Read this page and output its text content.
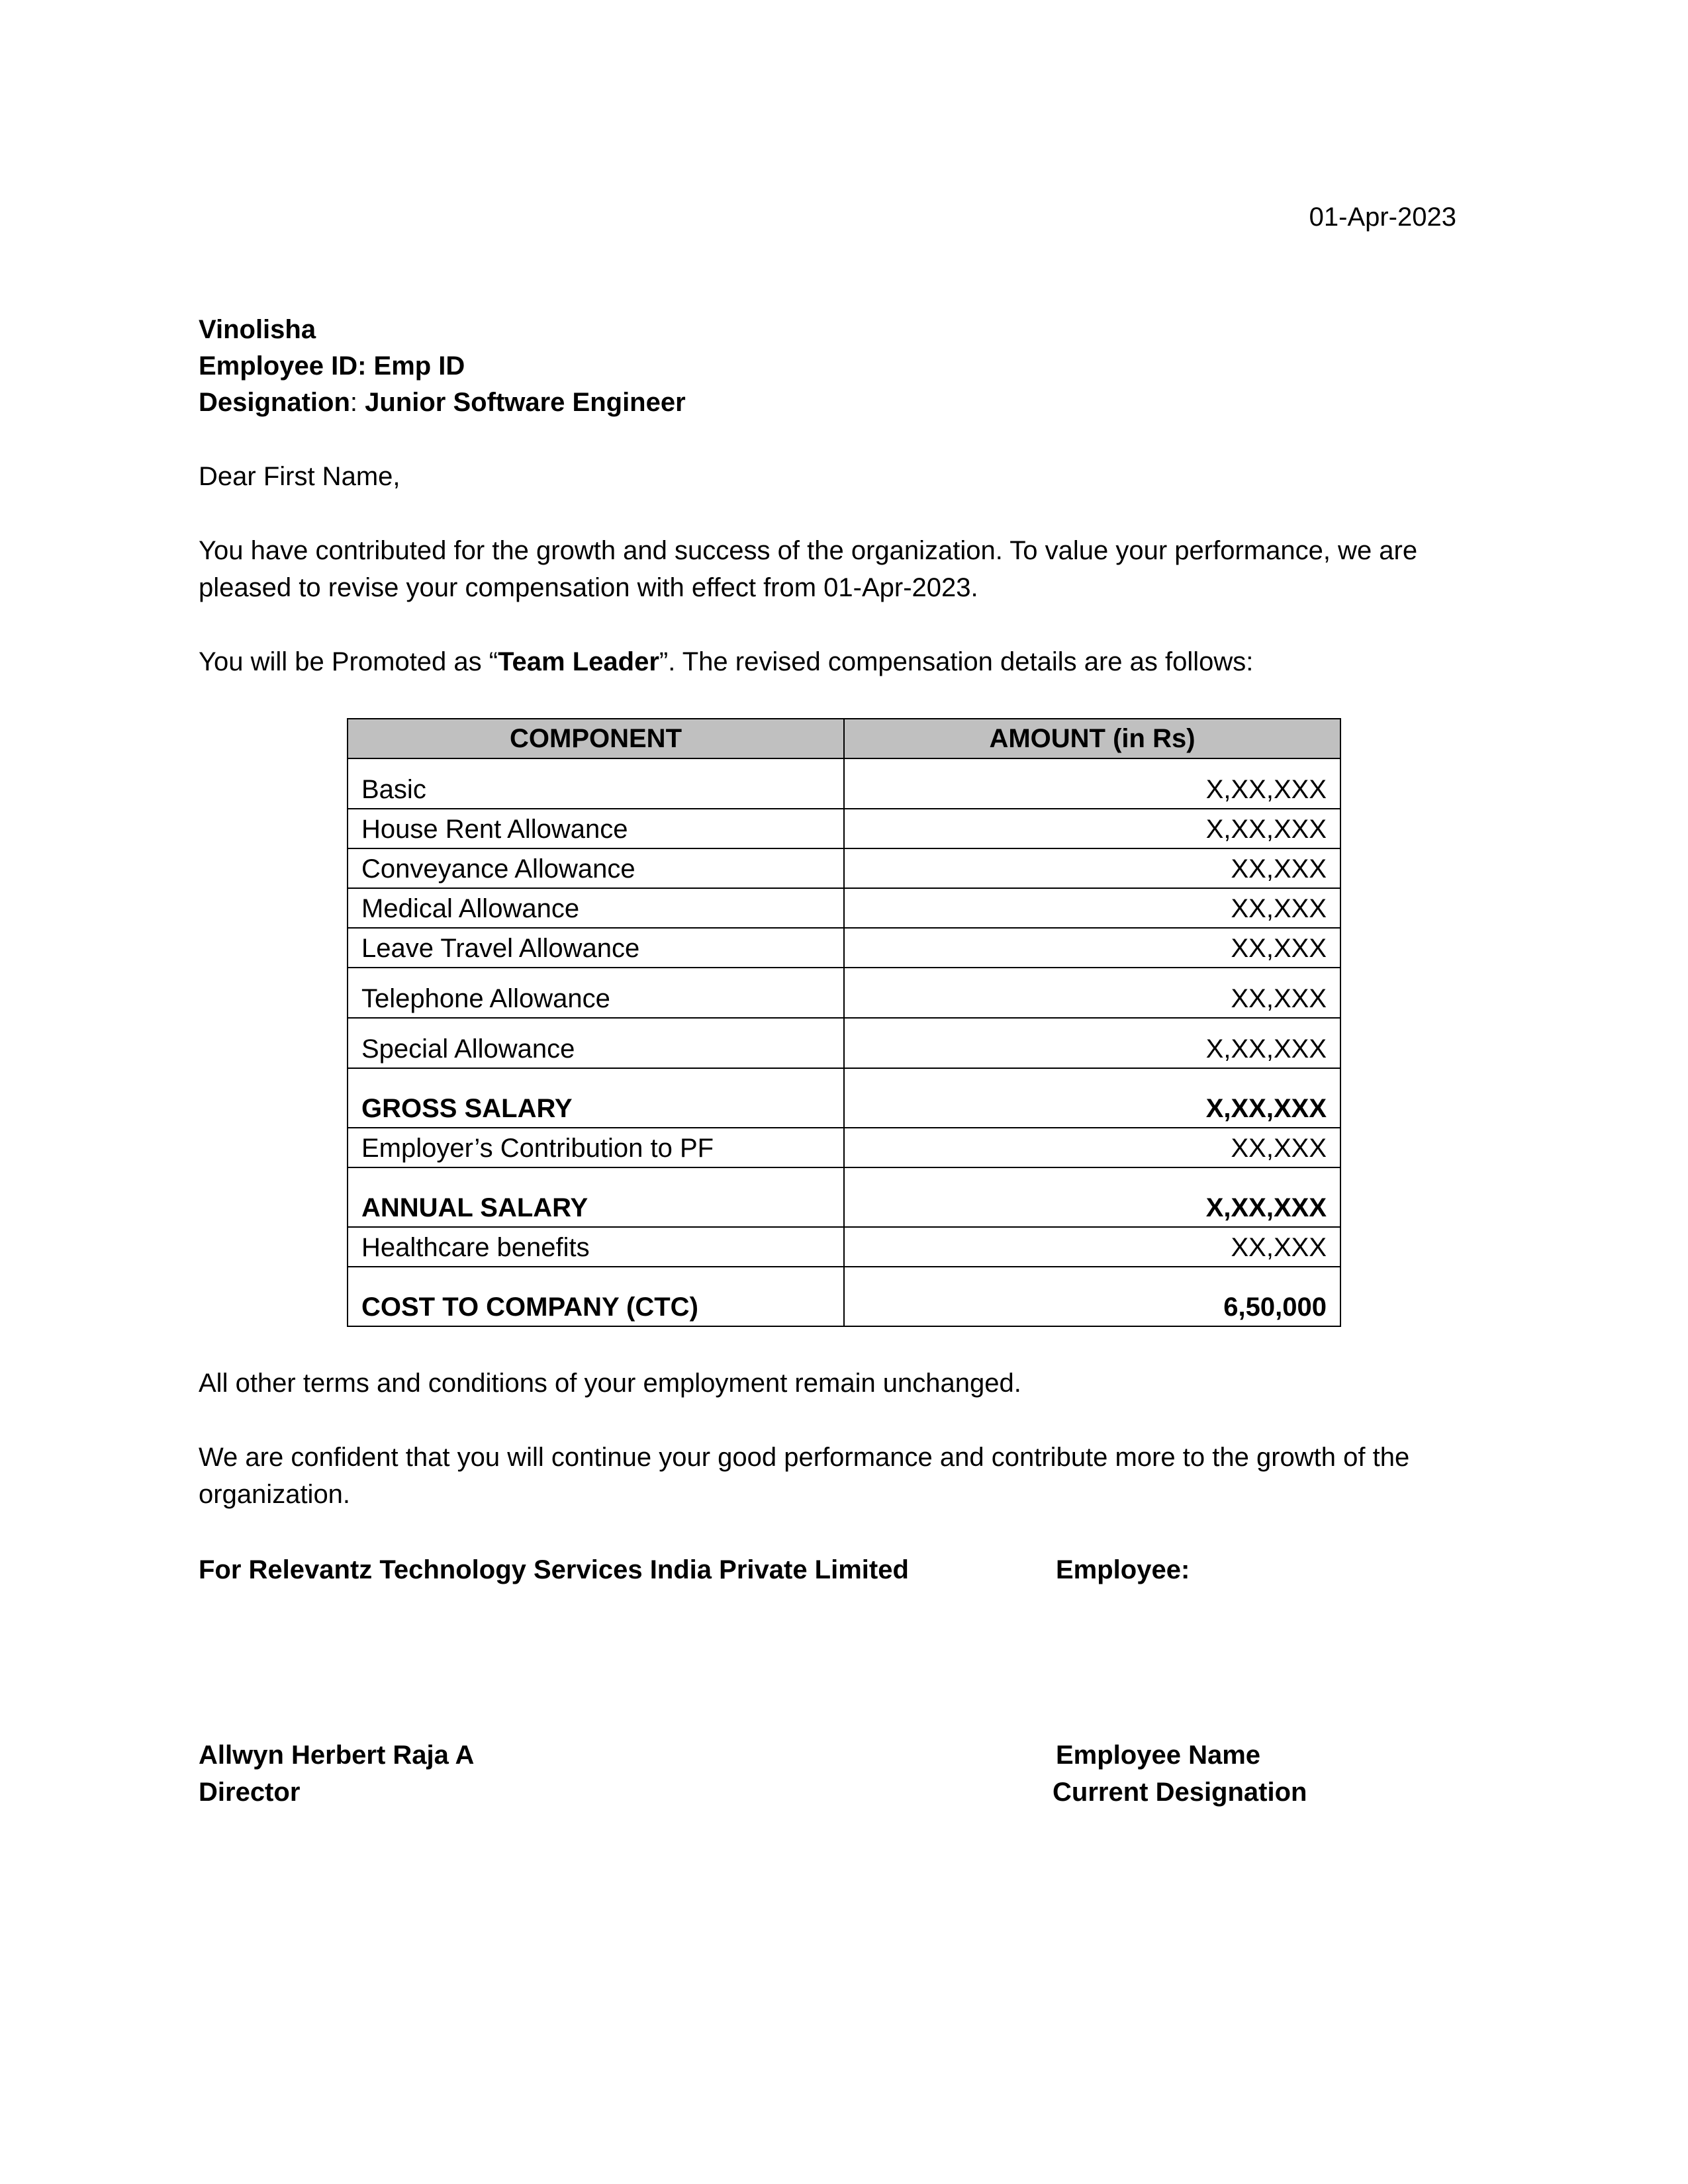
01-Apr-2023
Vinolisha
Employee ID: Emp ID
Designation: Junior Software Engineer
Dear First Name,
You have contributed for the growth and success of the organization. To value your performance, we are pleased to revise your compensation with effect from 01-Apr-2023.
You will be Promoted as “Team Leader”. The revised compensation details are as follows:
COMPONENT	AMOUNT (in Rs)
Basic	X,XX,XXX
House Rent Allowance	X,XX,XXX
Conveyance Allowance	XX,XXX
Medical Allowance	XX,XXX
Leave Travel Allowance	XX,XXX
Telephone Allowance	XX,XXX
Special Allowance	X,XX,XXX
GROSS SALARY	X,XX,XXX
Employer’s Contribution to PF	XX,XXX
ANNUAL SALARY	X,XX,XXX
Healthcare benefits	XX,XXX
COST TO COMPANY (CTC)	6,50,000
All other terms and conditions of your employment remain unchanged.
We are confident that you will continue your good performance and contribute more to the growth of the organization.
For Relevantz Technology Services India Private Limited	Employee:
Allwyn Herbert Raja A
Director
Employee Name
Current Designation
